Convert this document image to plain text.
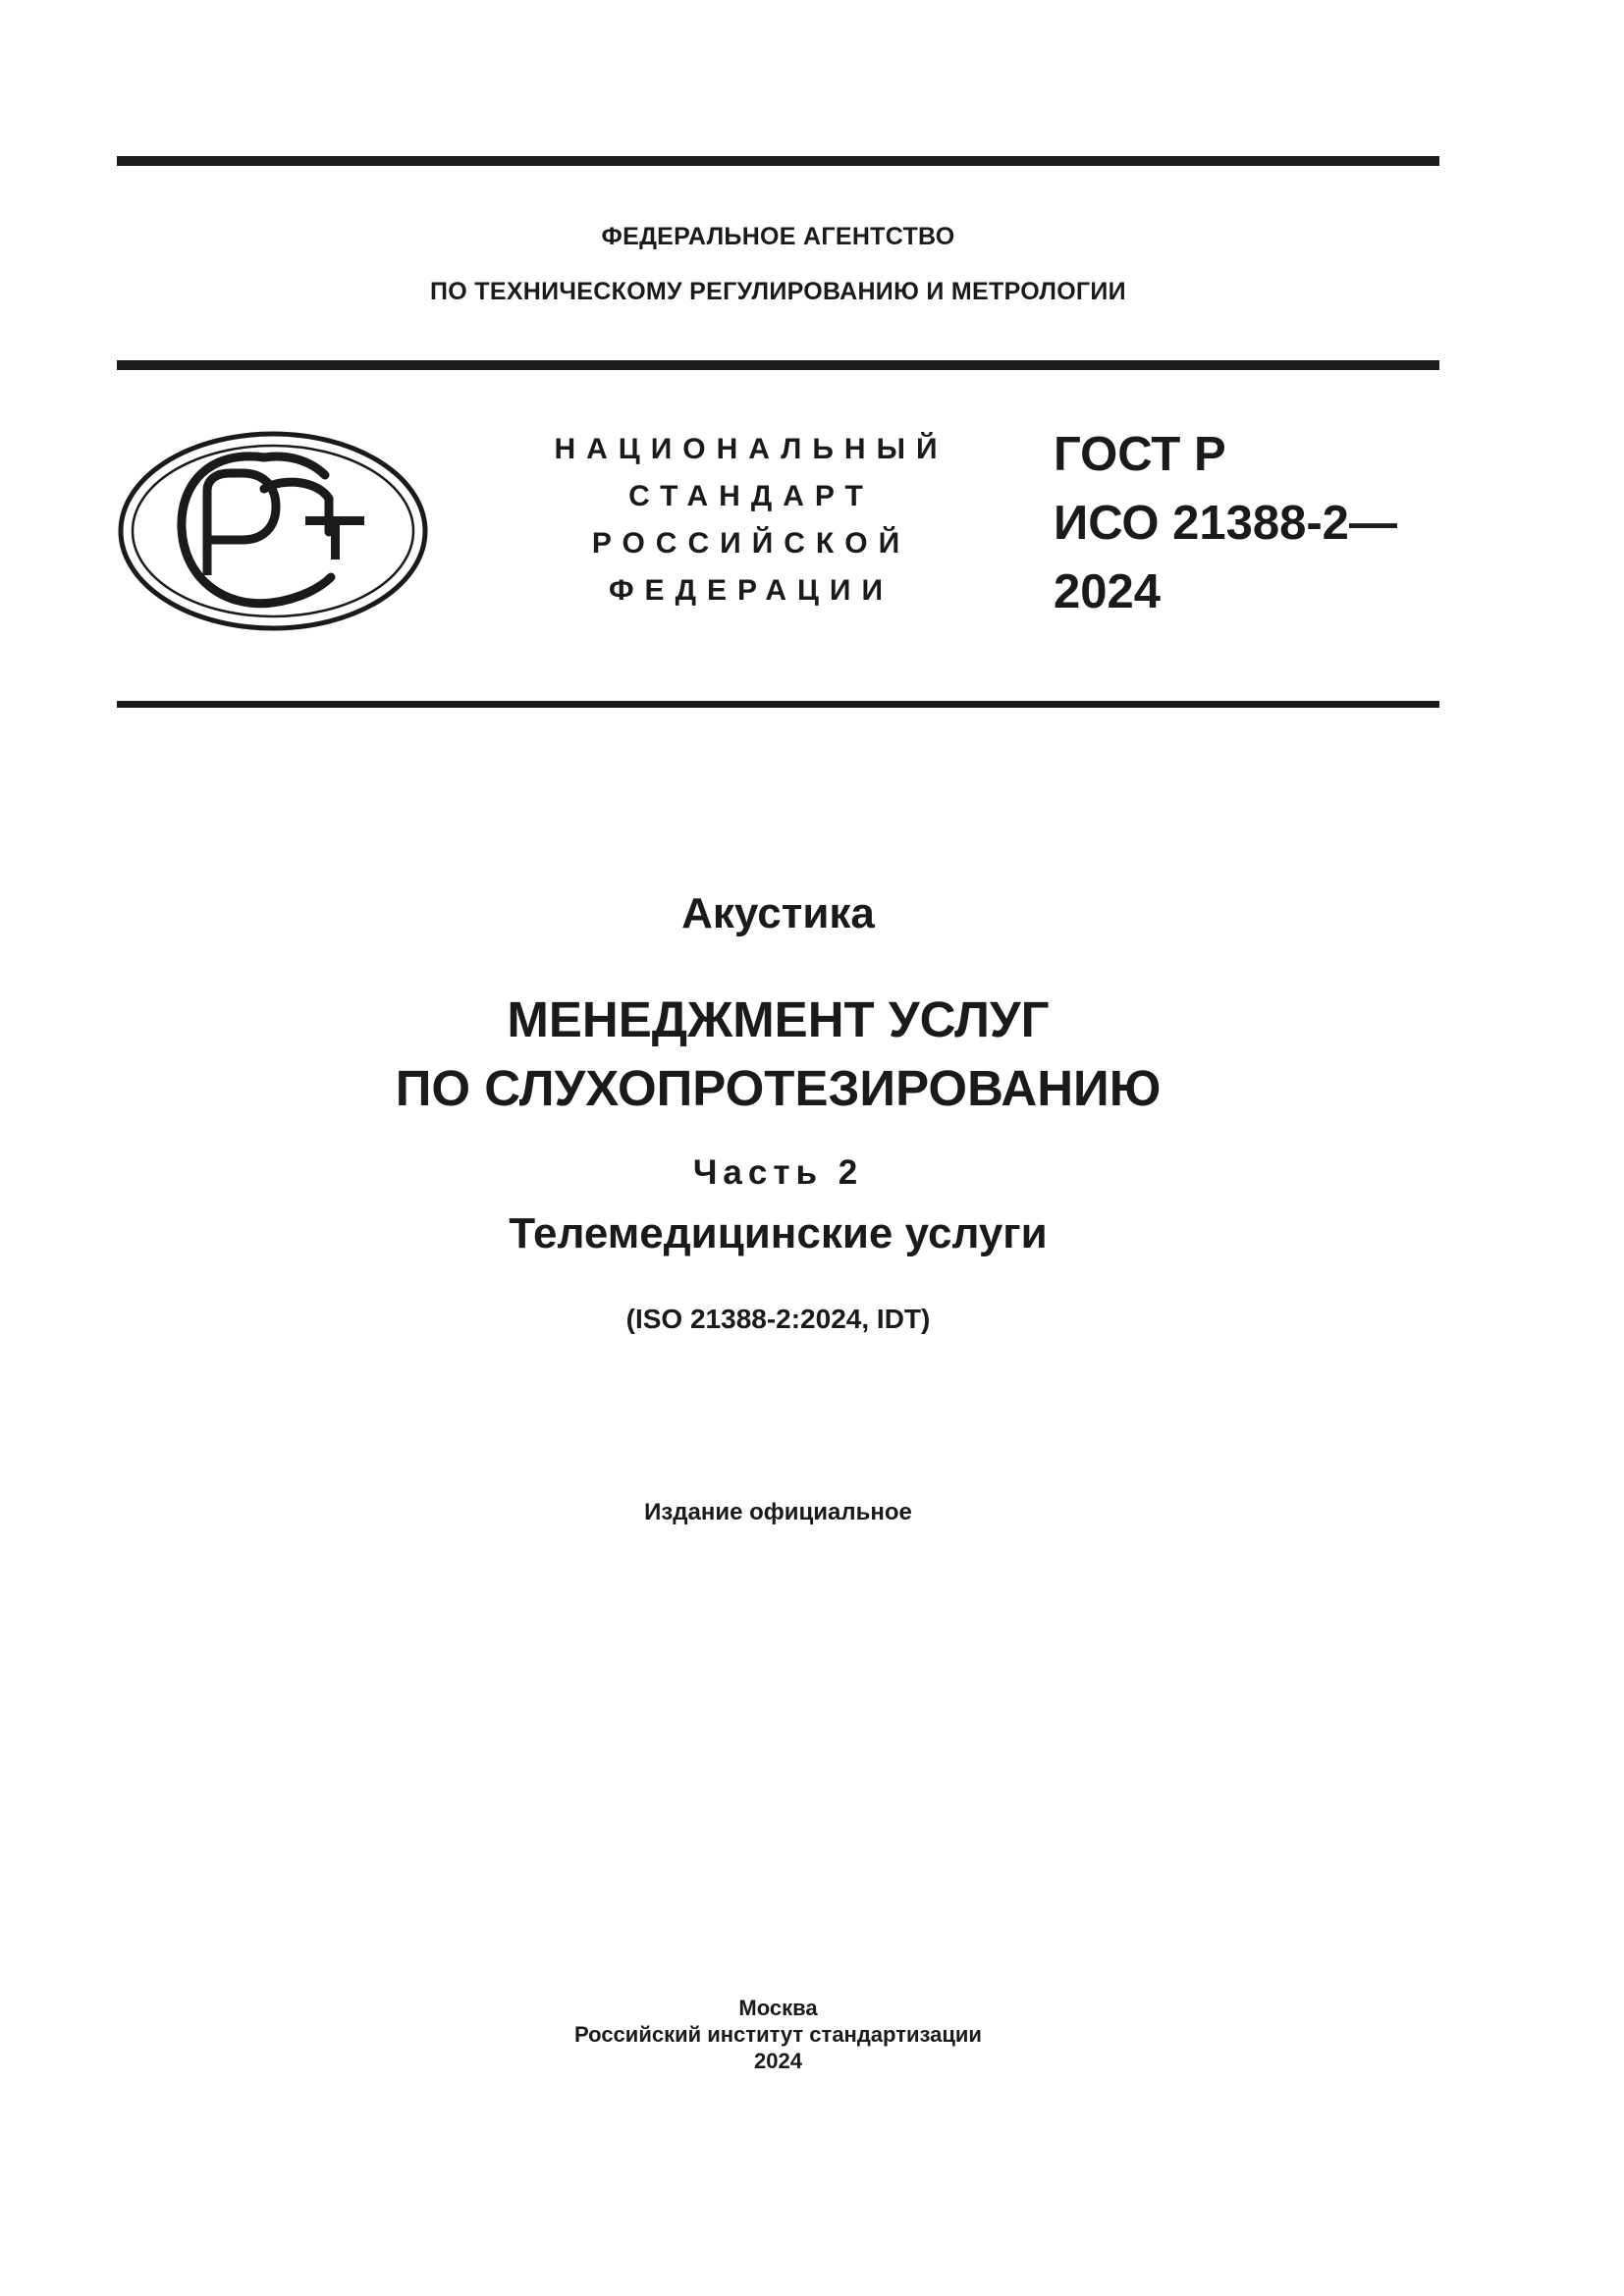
ФЕДЕРАЛЬНОЕ АГЕНТСТВО
ПО ТЕХНИЧЕСКОМУ РЕГУЛИРОВАНИЮ И МЕТРОЛОГИИ
НАЦИОНАЛЬНЫЙ
СТАНДАРТ
РОССИЙСКОЙ
ФЕДЕРАЦИИ
ГОСТ Р
ИСО 21388-2—
2024
Акустика
МЕНЕДЖМЕНТ УСЛУГ
ПО СЛУХОПРОТЕЗИРОВАНИЮ
Часть 2
Телемедицинские услуги
(ISO 21388-2:2024, IDT)
Издание официальное
Москва
Российский институт стандартизации
2024
